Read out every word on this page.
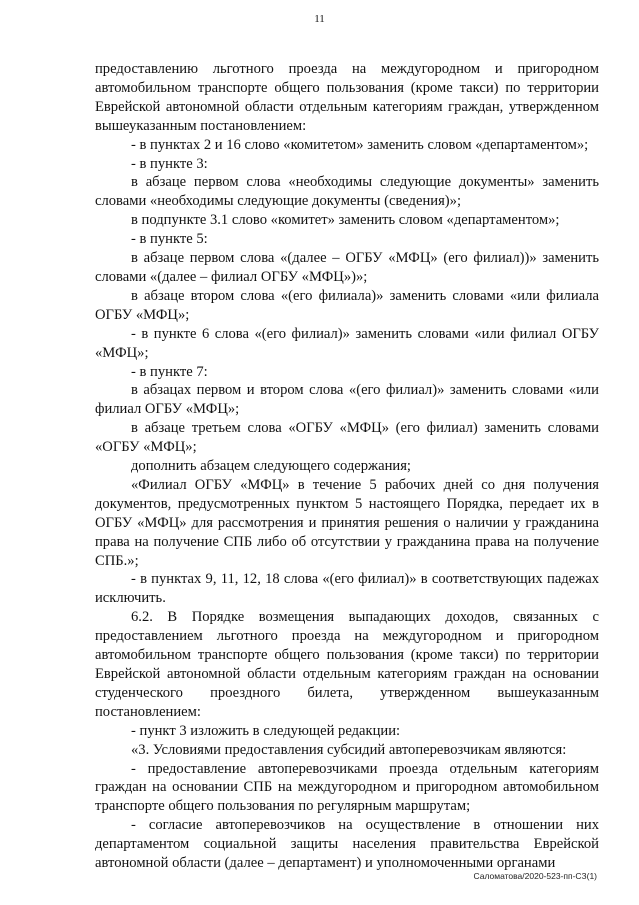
11

предоставлению льготного проезда на междугородном и пригородном автомобильном транспорте общего пользования (кроме такси) по территории Еврейской автономной области отдельным категориям граждан, утвержденном вышеуказанным постановлением:

- в пунктах 2 и 16 слово «комитетом» заменить словом «департаментом»;

- в пункте 3:

в абзаце первом слова «необходимы следующие документы» заменить словами «необходимы следующие документы (сведения)»;

в подпункте 3.1 слово «комитет» заменить словом «департаментом»;

- в пункте 5:

в абзаце первом слова «(далее – ОГБУ «МФЦ» (его филиал))» заменить словами «(далее – филиал ОГБУ «МФЦ»)»;

в абзаце втором слова «(его филиала)» заменить словами «или филиала ОГБУ «МФЦ»;

- в пункте 6 слова «(его филиал)» заменить словами «или филиал ОГБУ «МФЦ»;

- в пункте 7:

в абзацах первом и втором слова «(его филиал)» заменить словами «или филиал ОГБУ «МФЦ»;

в абзаце третьем слова «ОГБУ «МФЦ» (его филиал) заменить словами «ОГБУ «МФЦ»;

дополнить абзацем следующего содержания;

«Филиал ОГБУ «МФЦ» в течение 5 рабочих дней со дня получения документов, предусмотренных пунктом 5 настоящего Порядка, передает их в ОГБУ «МФЦ» для рассмотрения и принятия решения о наличии у гражданина права на получение СПБ либо об отсутствии у гражданина права на получение СПБ.»;

- в пунктах 9, 11, 12, 18 слова «(его филиал)» в соответствующих падежах исключить.

6.2. В Порядке возмещения выпадающих доходов, связанных с предоставлением льготного проезда на междугородном и пригородном автомобильном транспорте общего пользования (кроме такси) по территории Еврейской автономной области отдельным категориям граждан на основании студенческого проездного билета, утвержденном вышеуказанным постановлением:

- пункт 3 изложить в следующей редакции:

«3. Условиями предоставления субсидий автоперевозчикам являются:

- предоставление автоперевозчиками проезда отдельным категориям граждан на основании СПБ на междугородном и пригородном автомобильном транспорте общего пользования по регулярным маршрутам;

- согласие автоперевозчиков на осуществление в отношении них департаментом социальной защиты населения правительства Еврейской автономной области (далее – департамент) и уполномоченными органами

Саломатова/2020-523-пп-СЗ(1)
